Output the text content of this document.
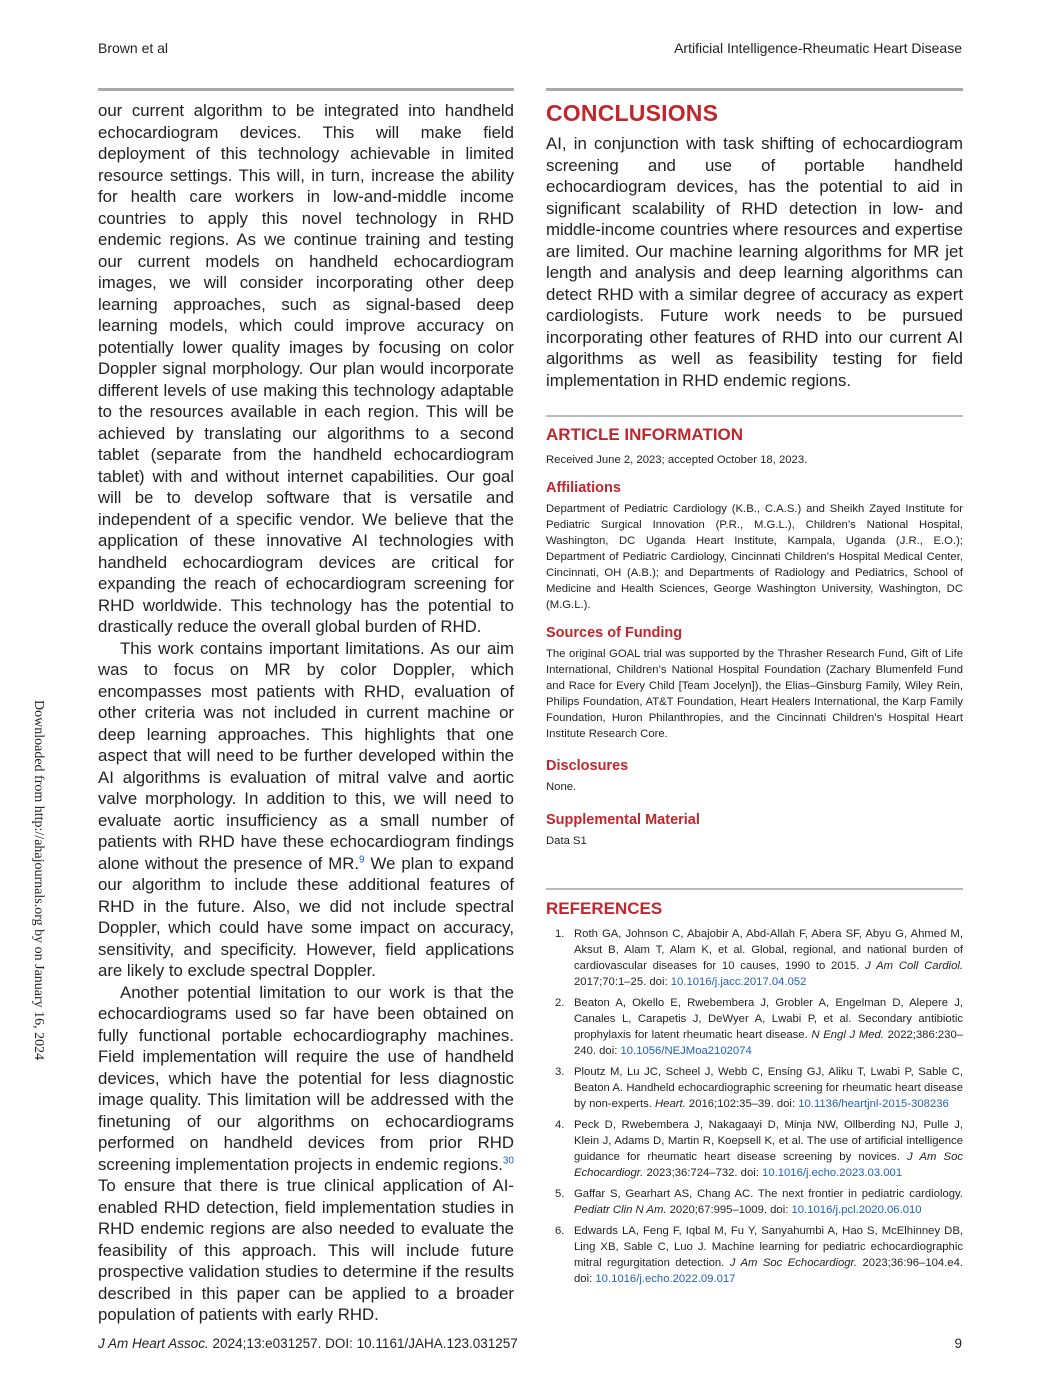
Brown et al	Artificial Intelligence-Rheumatic Heart Disease

our current algorithm to be integrated into handheld echocardiogram devices. This will make field deployment of this technology achievable in limited resource settings. This will, in turn, increase the ability for health care workers in low-and-middle income countries to apply this novel technology in RHD endemic regions. As we continue training and testing our current models on handheld echocardiogram images, we will consider incorporating other deep learning approaches, such as signal-based deep learning models, which could improve accuracy on potentially lower quality images by focusing on color Doppler signal morphology. Our plan would incorporate different levels of use making this technology adaptable to the resources available in each region. This will be achieved by translating our algorithms to a second tablet (separate from the handheld echocardiogram tablet) with and without internet capabilities. Our goal will be to develop software that is versatile and independent of a specific vendor. We believe that the application of these innovative AI technologies with handheld echocardiogram devices are critical for expanding the reach of echocardiogram screening for RHD worldwide. This technology has the potential to drastically reduce the overall global burden of RHD.

This work contains important limitations. As our aim was to focus on MR by color Doppler, which encompasses most patients with RHD, evaluation of other criteria was not included in current machine or deep learning approaches. This highlights that one aspect that will need to be further developed within the AI algorithms is evaluation of mitral valve and aortic valve morphology. In addition to this, we will need to evaluate aortic insufficiency as a small number of patients with RHD have these echocardiogram findings alone without the presence of MR.$^9$ We plan to expand our algorithm to include these additional features of RHD in the future. Also, we did not include spectral Doppler, which could have some impact on accuracy, sensitivity, and specificity. However, field applications are likely to exclude spectral Doppler.

Another potential limitation to our work is that the echocardiograms used so far have been obtained on fully functional portable echocardiography machines. Field implementation will require the use of handheld devices, which have the potential for less diagnostic image quality. This limitation will be addressed with the finetuning of our algorithms on echocardiograms performed on handheld devices from prior RHD screening implementation projects in endemic regions.$^{30}$ To ensure that there is true clinical application of AI-enabled RHD detection, field implementation studies in RHD endemic regions are also needed to evaluate the feasibility of this approach. This will include future prospective validation studies to determine if the results described in this paper can be applied to a broader population of patients with early RHD.

CONCLUSIONS

AI, in conjunction with task shifting of echocardiogram screening and use of portable handheld echocardiogram devices, has the potential to aid in significant scalability of RHD detection in low- and middle-income countries where resources and expertise are limited. Our machine learning algorithms for MR jet length and analysis and deep learning algorithms can detect RHD with a similar degree of accuracy as expert cardiologists. Future work needs to be pursued incorporating other features of RHD into our current AI algorithms as well as feasibility testing for field implementation in RHD endemic regions.

ARTICLE INFORMATION

Received June 2, 2023; accepted October 18, 2023.

Affiliations

Department of Pediatric Cardiology (K.B., C.A.S.) and Sheikh Zayed Institute for Pediatric Surgical Innovation (P.R., M.G.L.), Children’s National Hospital, Washington, DC Uganda Heart Institute, Kampala, Uganda (J.R., E.O.); Department of Pediatric Cardiology, Cincinnati Children’s Hospital Medical Center, Cincinnati, OH (A.B.); and Departments of Radiology and Pediatrics, School of Medicine and Health Sciences, George Washington University, Washington, DC (M.G.L.).

Sources of Funding

The original GOAL trial was supported by the Thrasher Research Fund, Gift of Life International, Children’s National Hospital Foundation (Zachary Blumenfeld Fund and Race for Every Child [Team Jocelyn]), the Elias–Ginsburg Family, Wiley Rein, Philips Foundation, AT&T Foundation, Heart Healers International, the Karp Family Foundation, Huron Philanthropies, and the Cincinnati Children’s Hospital Heart Institute Research Core.

Disclosures

None.

Supplemental Material

Data S1

REFERENCES
1. Roth GA, Johnson C, Abajobir A, Abd-Allah F, Abera SF, Abyu G, Ahmed M, Aksut B, Alam T, Alam K, et al. Global, regional, and national burden of cardiovascular diseases for 10 causes, 1990 to 2015. J Am Coll Cardiol. 2017;70:1–25. doi: 10.1016/j.jacc.2017.04.052
2. Beaton A, Okello E, Rwebembera J, Grobler A, Engelman D, Alepere J, Canales L, Carapetis J, DeWyer A, Lwabi P, et al. Secondary antibiotic prophylaxis for latent rheumatic heart disease. N Engl J Med. 2022;386:230–240. doi: 10.1056/NEJMoa2102074
3. Ploutz M, Lu JC, Scheel J, Webb C, Ensing GJ, Aliku T, Lwabi P, Sable C, Beaton A. Handheld echocardiographic screening for rheumatic heart disease by non-experts. Heart. 2016;102:35–39. doi: 10.1136/heartjnl-2015-308236
4. Peck D, Rwebembera J, Nakagaayi D, Minja NW, Ollberding NJ, Pulle J, Klein J, Adams D, Martin R, Koepsell K, et al. The use of artificial intelligence guidance for rheumatic heart disease screening by novices. J Am Soc Echocardiogr. 2023;36:724–732. doi: 10.1016/j.echo.2023.03.001
5. Gaffar S, Gearhart AS, Chang AC. The next frontier in pediatric cardiology. Pediatr Clin N Am. 2020;67:995–1009. doi: 10.1016/j.pcl.2020.06.010
6. Edwards LA, Feng F, Iqbal M, Fu Y, Sanyahumbi A, Hao S, McElhinney DB, Ling XB, Sable C, Luo J. Machine learning for pediatric echocardiographic mitral regurgitation detection. J Am Soc Echocardiogr. 2023;36:96–104.e4. doi: 10.1016/j.echo.2022.09.017
Downloaded from http://ahajournals.org by on January 16, 2024
J Am Heart Assoc. 2024;13:e031257. DOI: 10.1161/JAHA.123.031257	9
